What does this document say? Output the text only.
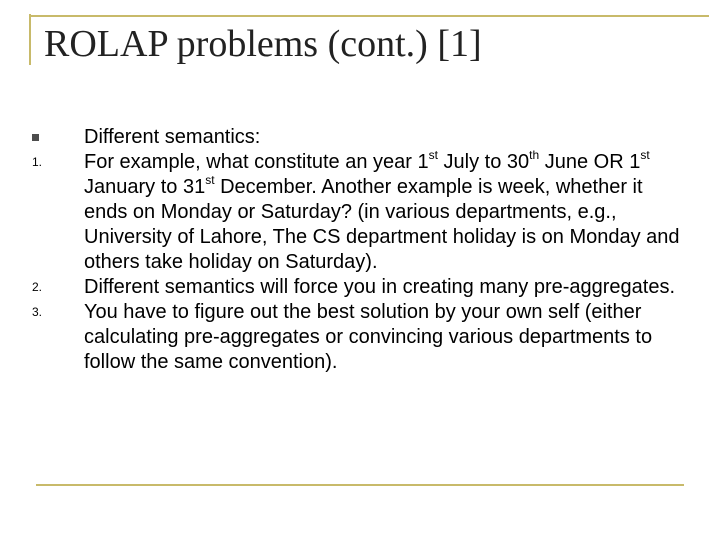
ROLAP problems (cont.) [1]
Different semantics:
1.	For example, what constitute an year 1st July to 30th June OR 1st January to 31st December. Another example is week, whether it ends on Monday or Saturday? (in various departments, e.g., University of Lahore, The CS department holiday is on Monday and others take holiday on Saturday).
2.	Different semantics will force you in creating many pre-aggregates.
3.	You have to figure out the best solution by your own self (either calculating pre-aggregates or convincing various departments to follow the same convention).
